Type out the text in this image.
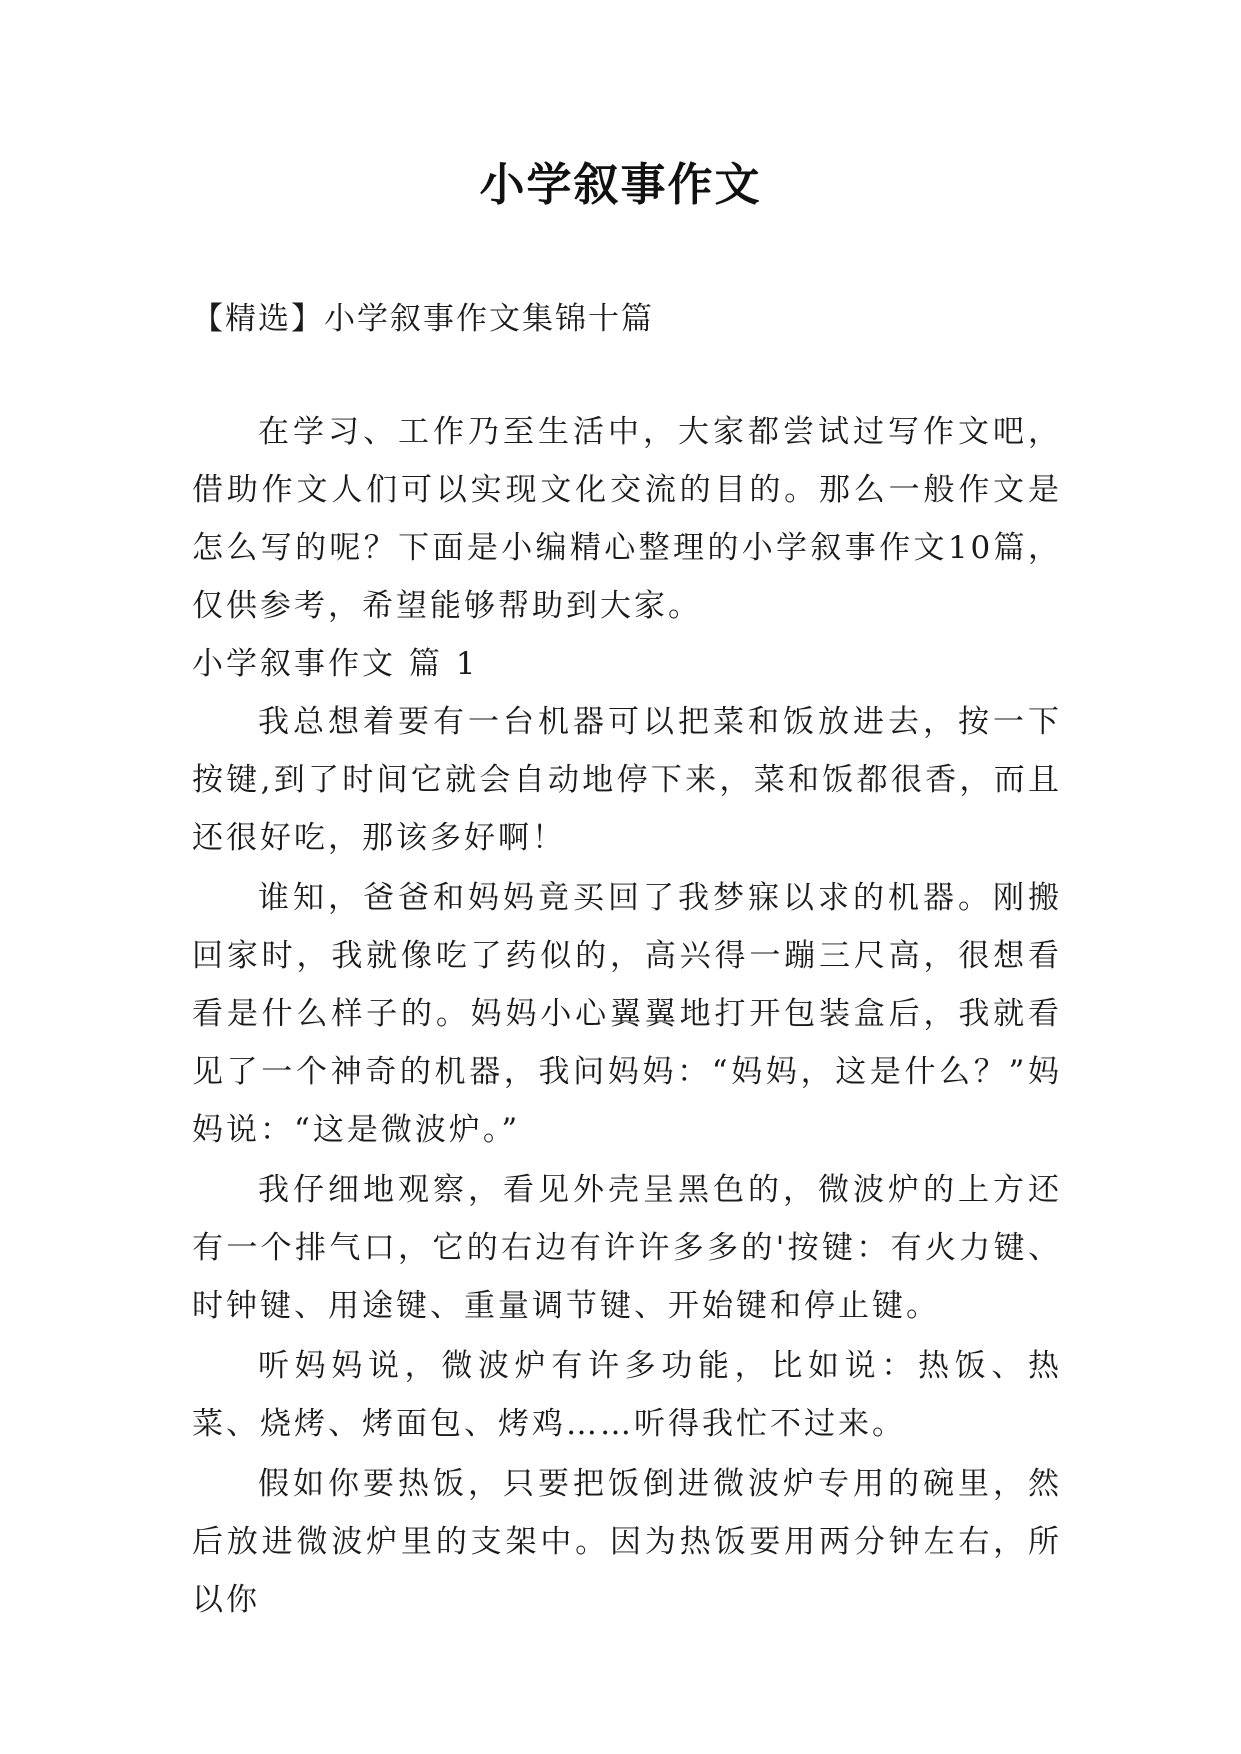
小学叙事作文

【精选】小学叙事作文集锦十篇

在学习、工作乃至生活中，大家都尝试过写作文吧，借助作文人们可以实现文化交流的目的。那么一般作文是怎么写的呢？下面是小编精心整理的小学叙事作文10篇，仅供参考，希望能够帮助到大家。

小学叙事作文 篇 1

我总想着要有一台机器可以把菜和饭放进去，按一下按键,到了时间它就会自动地停下来，菜和饭都很香，而且还很好吃，那该多好啊！

谁知，爸爸和妈妈竟买回了我梦寐以求的机器。刚搬回家时，我就像吃了药似的，高兴得一蹦三尺高，很想看看是什么样子的。妈妈小心翼翼地打开包装盒后，我就看见了一个神奇的机器，我问妈妈：“妈妈，这是什么？”妈妈说：“这是微波炉。”

我仔细地观察，看见外壳呈黑色的，微波炉的上方还有一个排气口，它的右边有许许多多的'按键：有火力键、时钟键、用途键、重量调节键、开始键和停止键。

听妈妈说，微波炉有许多功能，比如说：热饭、热菜、烧烤、烤面包、烤鸡……听得我忙不过来。

假如你要热饭，只要把饭倒进微波炉专用的碗里，然后放进微波炉里的支架中。因为热饭要用两分钟左右，所以你
